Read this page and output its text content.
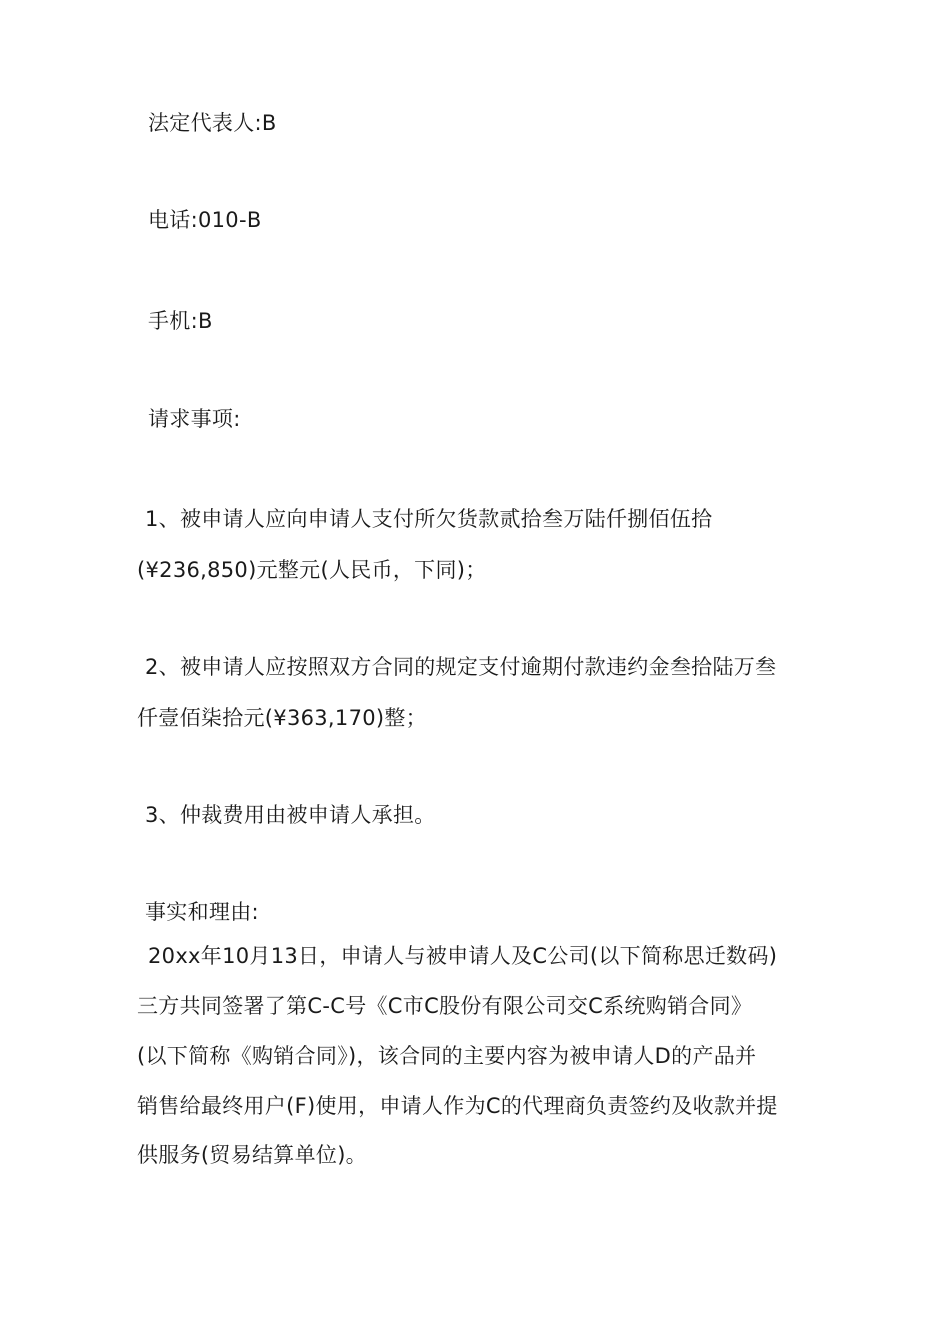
法定代表人:B
电话:010-B
手机:B
请求事项:
1、被申请人应向申请人支付所欠货款贰拾叁万陆仟捌佰伍拾
(¥236,850)元整元(人民币，下同)；
2、被申请人应按照双方合同的规定支付逾期付款违约金叁拾陆万叁
仟壹佰柒拾元(¥363,170)整；
3、仲裁费用由被申请人承担。
事实和理由:
20xx年10月13日，申请人与被申请人及C公司(以下简称思迁数码)
三方共同签署了第C-C号《C市C股份有限公司交C系统购销合同》
(以下简称《购销合同》)，该合同的主要内容为被申请人D的产品并
销售给最终用户(F)使用，申请人作为C的代理商负责签约及收款并提
供服务(贸易结算单位)。
